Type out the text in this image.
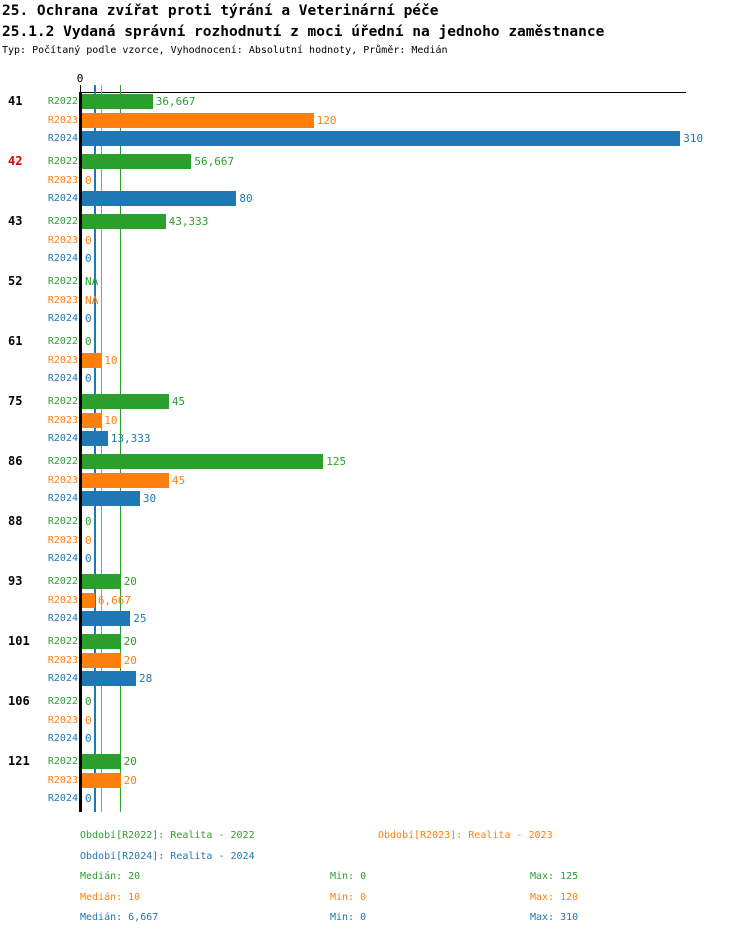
25. Ochrana zvířat proti týrání a Veterinární péče
25.1.2 Vydaná správní rozhodnutí z moci úřední na jednoho zaměstnance
Typ: Počítaný podle vzorce, Vyhodnocení: Absolutní hodnoty, Průměr: Medián
0
41	R2022	36,667
R2023	120
R2024	310
42	R2022	56,667
R2023 0
R2024	80
43	R2022	43,333
R2023 0
R2024 0
52	R2022 NA
R2023 NA
R2024 0
61	R2022 0
R2023 10
R2024 0
75	R2022	45
R2023 10
R2024	13,333
86	R2022	125
R2023	45
R2024	30
88	R2022 0
R2023 0
R2024 0
93	R2022	20
R2023 6,667
R2024	25
101	R2022	20
R2023	20
R2024	28
106	R2022 0
R2023 0
R2024 0
121	R2022	20
R2023	20
R2024 0
Období[R2022]: Realita - 2022	Období[R2023]: Realita - 2023
Období[R2024]: Realita - 2024
Medián: 20	Min: 0	Max: 125
Medián: 10	Min: 0	Max: 120
Medián: 6,667	Min: 0	Max: 310
